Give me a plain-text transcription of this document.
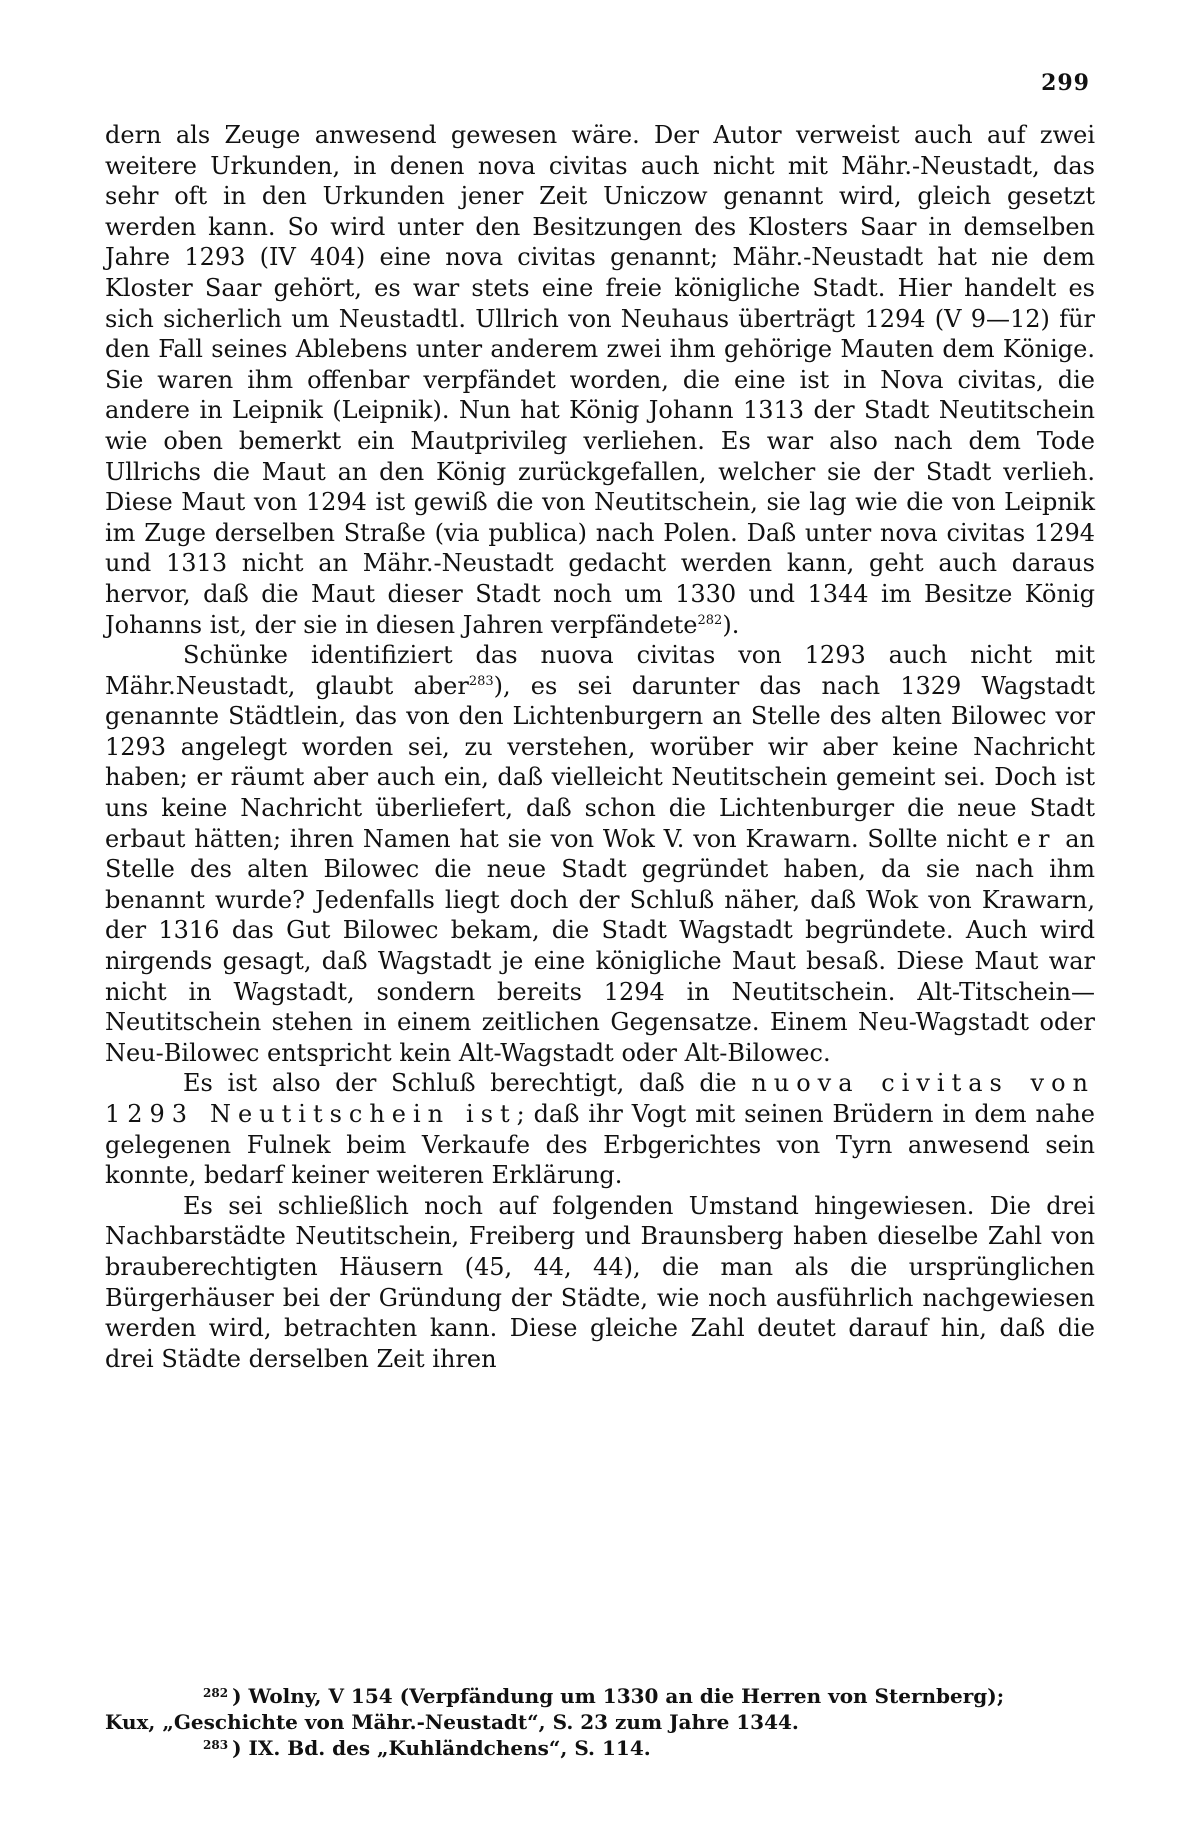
299

dern als Zeuge anwesend gewesen wäre. Der Autor verweist auch auf zwei weitere Urkunden, in denen nova civitas auch nicht mit Mähr.-Neustadt, das sehr oft in den Urkunden jener Zeit Uniczow genannt wird, gleich gesetzt werden kann. So wird unter den Besitzungen des Klosters Saar in demselben Jahre 1293 (IV 404) eine nova civitas genannt; Mähr.-Neustadt hat nie dem Kloster Saar gehört, es war stets eine freie königliche Stadt. Hier handelt es sich sicherlich um Neustadtl. Ullrich von Neuhaus überträgt 1294 (V 9—12) für den Fall seines Ablebens unter anderem zwei ihm gehörige Mauten dem Könige. Sie waren ihm offenbar verpfändet worden, die eine ist in Nova civitas, die andere in Leipnik (Leipnik). Nun hat König Johann 1313 der Stadt Neutitschein wie oben bemerkt ein Mautprivileg verliehen. Es war also nach dem Tode Ullrichs die Maut an den König zurückgefallen, welcher sie der Stadt verlieh. Diese Maut von 1294 ist gewiß die von Neutitschein, sie lag wie die von Leipnik im Zuge derselben Straße (via publica) nach Polen. Daß unter nova civitas 1294 und 1313 nicht an Mähr.-Neustadt gedacht werden kann, geht auch daraus hervor, daß die Maut dieser Stadt noch um 1330 und 1344 im Besitze König Johanns ist, der sie in diesen Jahren verpfändete$^{282}$).

Schünke identifiziert das nuova civitas von 1293 auch nicht mit Mähr.Neustadt, glaubt aber$^{283}$), es sei darunter das nach 1329 Wagstadt genannte Städtlein, das von den Lichtenburgern an Stelle des alten Bilowec vor 1293 angelegt worden sei, zu verstehen, worüber wir aber keine Nachricht haben; er räumt aber auch ein, daß vielleicht Neutitschein gemeint sei. Doch ist uns keine Nachricht überliefert, daß schon die Lichtenburger die neue Stadt erbaut hätten; ihren Namen hat sie von Wok V. von Krawarn. Sollte nicht er an Stelle des alten Bilowec die neue Stadt gegründet haben, da sie nach ihm benannt wurde? Jedenfalls liegt doch der Schluß näher, daß Wok von Krawarn, der 1316 das Gut Bilowec bekam, die Stadt Wagstadt begründete. Auch wird nirgends gesagt, daß Wagstadt je eine königliche Maut besaß. Diese Maut war nicht in Wagstadt, sondern bereits 1294 in Neutitschein. Alt-Titschein—Neutitschein stehen in einem zeitlichen Gegensatze. Einem Neu-Wagstadt oder Neu-Bilowec entspricht kein Alt-Wagstadt oder Alt-Bilowec.

Es ist also der Schluß berechtigt, daß die nuova civitas von 1293 Neutitschein ist; daß ihr Vogt mit seinen Brüdern in dem nahe gelegenen Fulnek beim Verkaufe des Erbgerichtes von Tyrn anwesend sein konnte, bedarf keiner weiteren Erklärung.

Es sei schließlich noch auf folgenden Umstand hingewiesen. Die drei Nachbarstädte Neutitschein, Freiberg und Braunsberg haben dieselbe Zahl von brauberechtigten Häusern (45, 44, 44), die man als die ursprünglichen Bürgerhäuser bei der Gründung der Städte, wie noch ausführlich nachgewiesen werden wird, betrachten kann. Diese gleiche Zahl deutet darauf hin, daß die drei Städte derselben Zeit ihren

$^{282}$ ) Wolny, V 154 (Verpfändung um 1330 an die Herren von Sternberg);
Kux, „Geschichte von Mähr.-Neustadt“, S. 23 zum Jahre 1344.
$^{283}$ ) IX. Bd. des „Kuhländchens“, S. 114.
